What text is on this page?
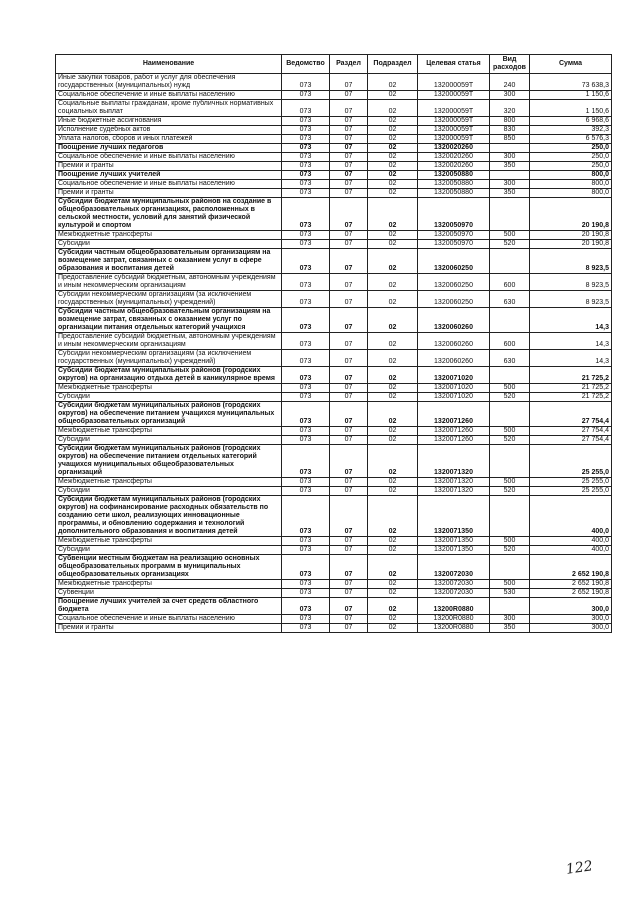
Наименование	Ведомство	Раздел	Подраздел	Целевая статья	Вид расходов	Сумма
Иные закупки товаров, работ и услуг для обеспечения государственных (муниципальных) нужд	073	07	02	132000059Т	240	73 638,3
Социальное обеспечение и иные выплаты населению	073	07	02	132000059Т	300	1 150,6
Социальные выплаты гражданам, кроме публичных нормативных социальных выплат	073	07	02	132000059Т	320	1 150,6
Иные бюджетные ассигнования	073	07	02	132000059Т	800	6 968,6
Исполнение судебных актов	073	07	02	132000059Т	830	392,3
Уплата налогов, сборов и иных платежей	073	07	02	132000059Т	850	6 576,3
Поощрение лучших педагогов	073	07	02	1320020260		250,0
Социальное обеспечение и иные выплаты населению	073	07	02	1320020260	300	250,0
Премии и гранты	073	07	02	1320020260	350	250,0
Поощрение лучших учителей	073	07	02	1320050880		800,0
Социальное обеспечение и иные выплаты населению	073	07	02	1320050880	300	800,0
Премии и гранты	073	07	02	1320050880	350	800,0
Субсидии бюджетам муниципальных районов на создание в общеобразовательных организациях, расположенных в сельской местности, условий для занятий физической культурой и спортом	073	07	02	1320050970		20 190,8
Межбюджетные трансферты	073	07	02	1320050970	500	20 190,8
Субсидии	073	07	02	1320050970	520	20 190,8
Субсидии частным общеобразовательным организациям на возмещение затрат, связанных с оказанием услуг в сфере образования и воспитания детей	073	07	02	1320060250		8 923,5
Предоставление субсидий бюджетным, автономным учреждениям и иным некоммерческим организациям	073	07	02	1320060250	600	8 923,5
Субсидии некоммерческим организациям (за исключением государственных (муниципальных) учреждений)	073	07	02	1320060250	630	8 923,5
Субсидии частным общеобразовательным организациям на возмещение затрат, связанных с оказанием услуг по организации питания отдельных категорий учащихся	073	07	02	1320060260		14,3
Предоставление субсидий бюджетным, автономным учреждениям и иным некоммерческим организациям	073	07	02	1320060260	600	14,3
Субсидии некоммерческим организациям (за исключением государственных (муниципальных) учреждений)	073	07	02	1320060260	630	14,3
Субсидии бюджетам муниципальных районов (городских округов) на организацию отдыха детей в каникулярное время	073	07	02	1320071020		21 725,2
Межбюджетные трансферты	073	07	02	1320071020	500	21 725,2
Субсидии	073	07	02	1320071020	520	21 725,2
Субсидии бюджетам муниципальных районов (городских округов) на обеспечение питанием учащихся муниципальных общеобразовательных организаций	073	07	02	1320071260		27 754,4
Межбюджетные трансферты	073	07	02	1320071260	500	27 754,4
Субсидии	073	07	02	1320071260	520	27 754,4
Субсидии бюджетам муниципальных районов (городских округов) на обеспечение питанием отдельных категорий учащихся муниципальных общеобразовательных организаций	073	07	02	1320071320		25 255,0
Межбюджетные трансферты	073	07	02	1320071320	500	25 255,0
Субсидии	073	07	02	1320071320	520	25 255,0
Субсидии бюджетам муниципальных районов (городских округов) на софинансирование расходных обязательств по созданию сети школ, реализующих инновационные программы, и обновлению содержания и технологий дополнительного образования и воспитания детей	073	07	02	1320071350		400,0
Межбюджетные трансферты	073	07	02	1320071350	500	400,0
Субсидии	073	07	02	1320071350	520	400,0
Субвенции местным бюджетам на реализацию основных общеобразовательных программ в муниципальных общеобразовательных организациях	073	07	02	1320072030		2 652 190,8
Межбюджетные трансферты	073	07	02	1320072030	500	2 652 190,8
Субвенции	073	07	02	1320072030	530	2 652 190,8
Поощрение лучших учителей за счет средств областного бюджета	073	07	02	13200R0880		300,0
Социальное обеспечение и иные выплаты населению	073	07	02	13200R0880	300	300,0
Премии и гранты	073	07	02	13200R0880	350	300,0
122
